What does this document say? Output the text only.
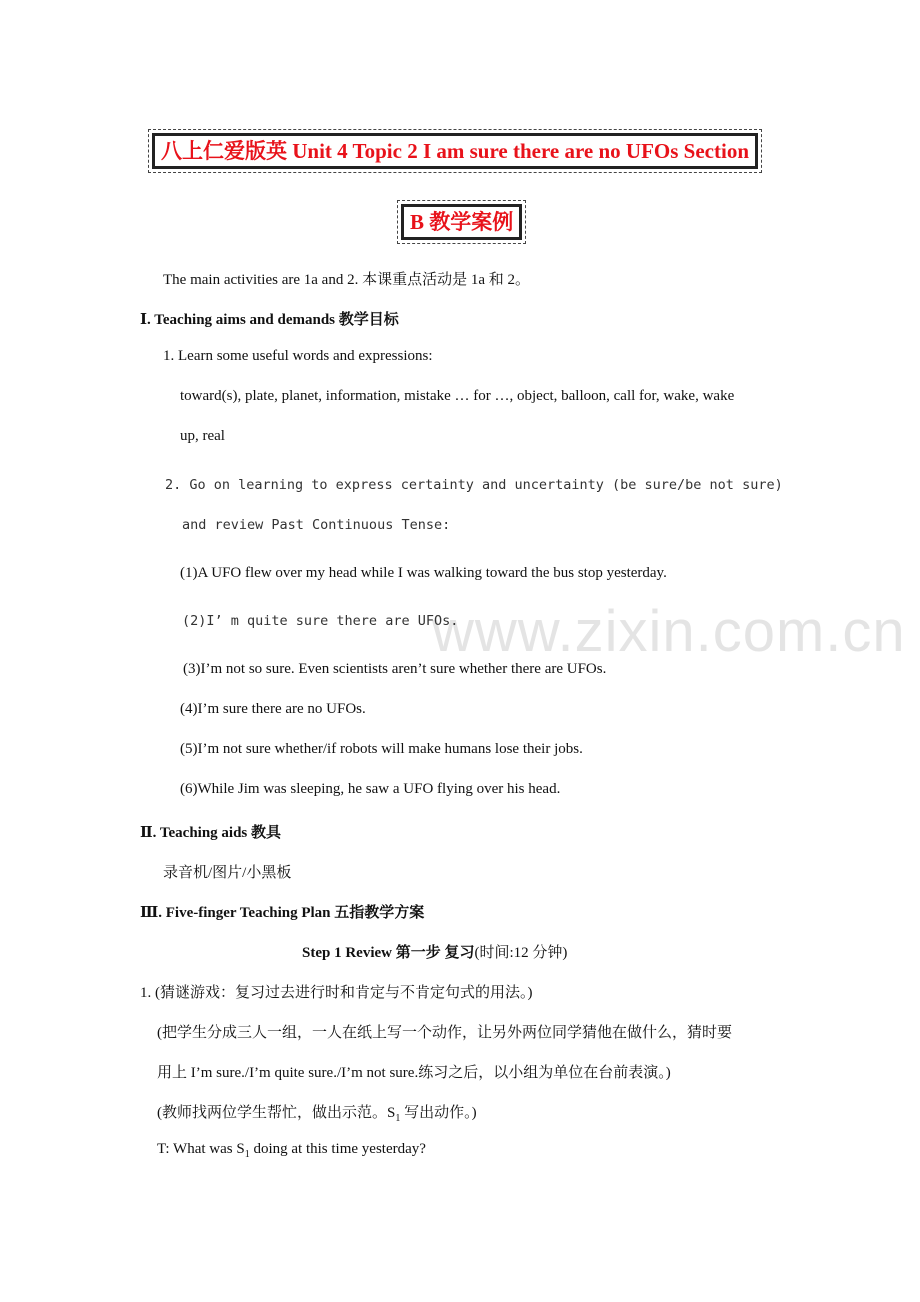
www.zixin.com.cn
八上仁爱版英 Unit 4 Topic 2 I am sure there are no UFOs Section
B 教学案例
The main activities are 1a and 2. 本课重点活动是 1a 和 2。
Ⅰ. Teaching aims and demands 教学目标
1. Learn some useful words and expressions:
toward(s), plate, planet, information, mistake … for …, object, balloon, call for, wake, wake
up, real
2. Go on learning to express certainty and uncertainty (be sure/be not sure)
and review Past Continuous Tense:
(1)A UFO flew over my head while I was walking toward the bus stop yesterday.
(2)I’ m quite sure there are UFOs.
(3)I’m not so sure. Even scientists aren’t sure whether there are UFOs.
(4)I’m sure there are no UFOs.
(5)I’m not sure whether/if robots will make humans lose their jobs.
(6)While Jim was sleeping, he saw a UFO flying over his head.
Ⅱ. Teaching aids 教具
录音机/图片/小黑板
Ⅲ. Five-finger Teaching Plan 五指教学方案
Step 1 Review 第一步 复习(时间:12 分钟)
1. (猜谜游戏：复习过去进行时和肯定与不肯定句式的用法。)
(把学生分成三人一组，一人在纸上写一个动作，让另外两位同学猜他在做什么，猜时要
用上 I’m sure./I’m quite sure./I’m not sure.练习之后，以小组为单位在台前表演。)
(教师找两位学生帮忙，做出示范。$S_1$ 写出动作。)
T: What was $S_1$ doing at this time yesterday?
